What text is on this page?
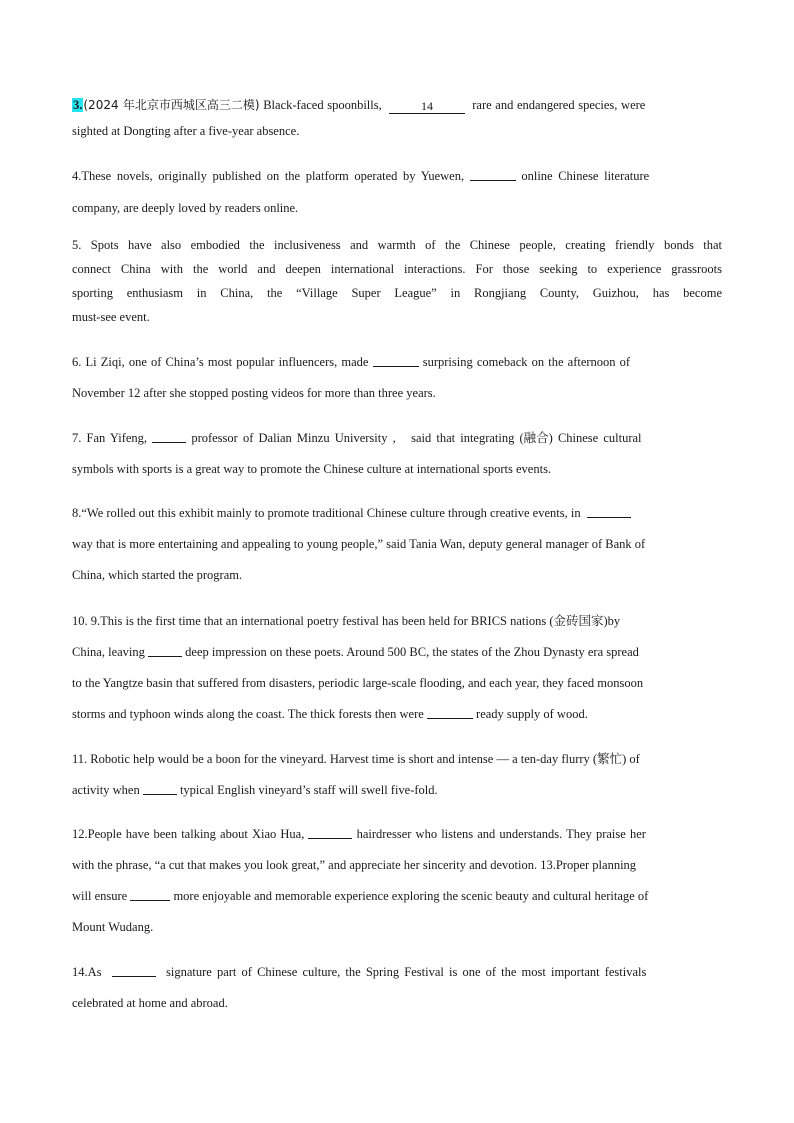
3.(2024 年北京市西城区高三二模) Black-faced spoonbills,	14	rare and endangered species, were
sighted at Dongting after a five-year absence.
4.These novels, originally published on the platform operated by Yuewen,	online Chinese literature
company, are deeply loved by readers online.
5. Spots have also embodied the inclusiveness and warmth of the Chinese people, creating friendly bonds that
connect China with the world and deepen international interactions. For those seeking to experience grassroots
sporting enthusiasm in China, the “Village Super League” in Rongjiang County, Guizhou, has become
must-see event.
6. Li Ziqi, one of China’s most popular influencers, made	surprising comeback on the afternoon of
November 12 after she stopped posting videos for more than three years.
7. Fan Yifeng,	professor of Dalian Minzu University , said that integrating (融合) Chinese cultural
symbols with sports is a great way to promote the Chinese culture at international sports events.
8.“We rolled out this exhibit mainly to promote traditional Chinese culture through creative events, in
way that is more entertaining and appealing to young people,” said Tania Wan, deputy general manager of Bank of
China, which started the program.
10. 9.This is the first time that an international poetry festival has been held for BRICS nations (金砖国家)by
China, leaving	deep impression on these poets. Around 500 BC, the states of the Zhou Dynasty era spread
to the Yangtze basin that suffered from disasters, periodic large-scale flooding, and each year, they faced monsoon
storms and typhoon winds along the coast. The thick forests then were	ready supply of wood.
11. Robotic help would be a boon for the vineyard. Harvest time is short and intense — a ten-day flurry (繁忙) of
activity when	typical English vineyard’s staff will swell five-fold.
12.People have been talking about Xiao Hua,	hairdresser who listens and understands. They praise her
with the phrase, “a cut that makes you look great,” and appreciate her sincerity and devotion. 13.Proper planning
will ensure	more enjoyable and memorable experience exploring the scenic beauty and cultural heritage of
Mount Wudang.
14.As	signature part of Chinese culture, the Spring Festival is one of the most important festivals
celebrated at home and abroad.
